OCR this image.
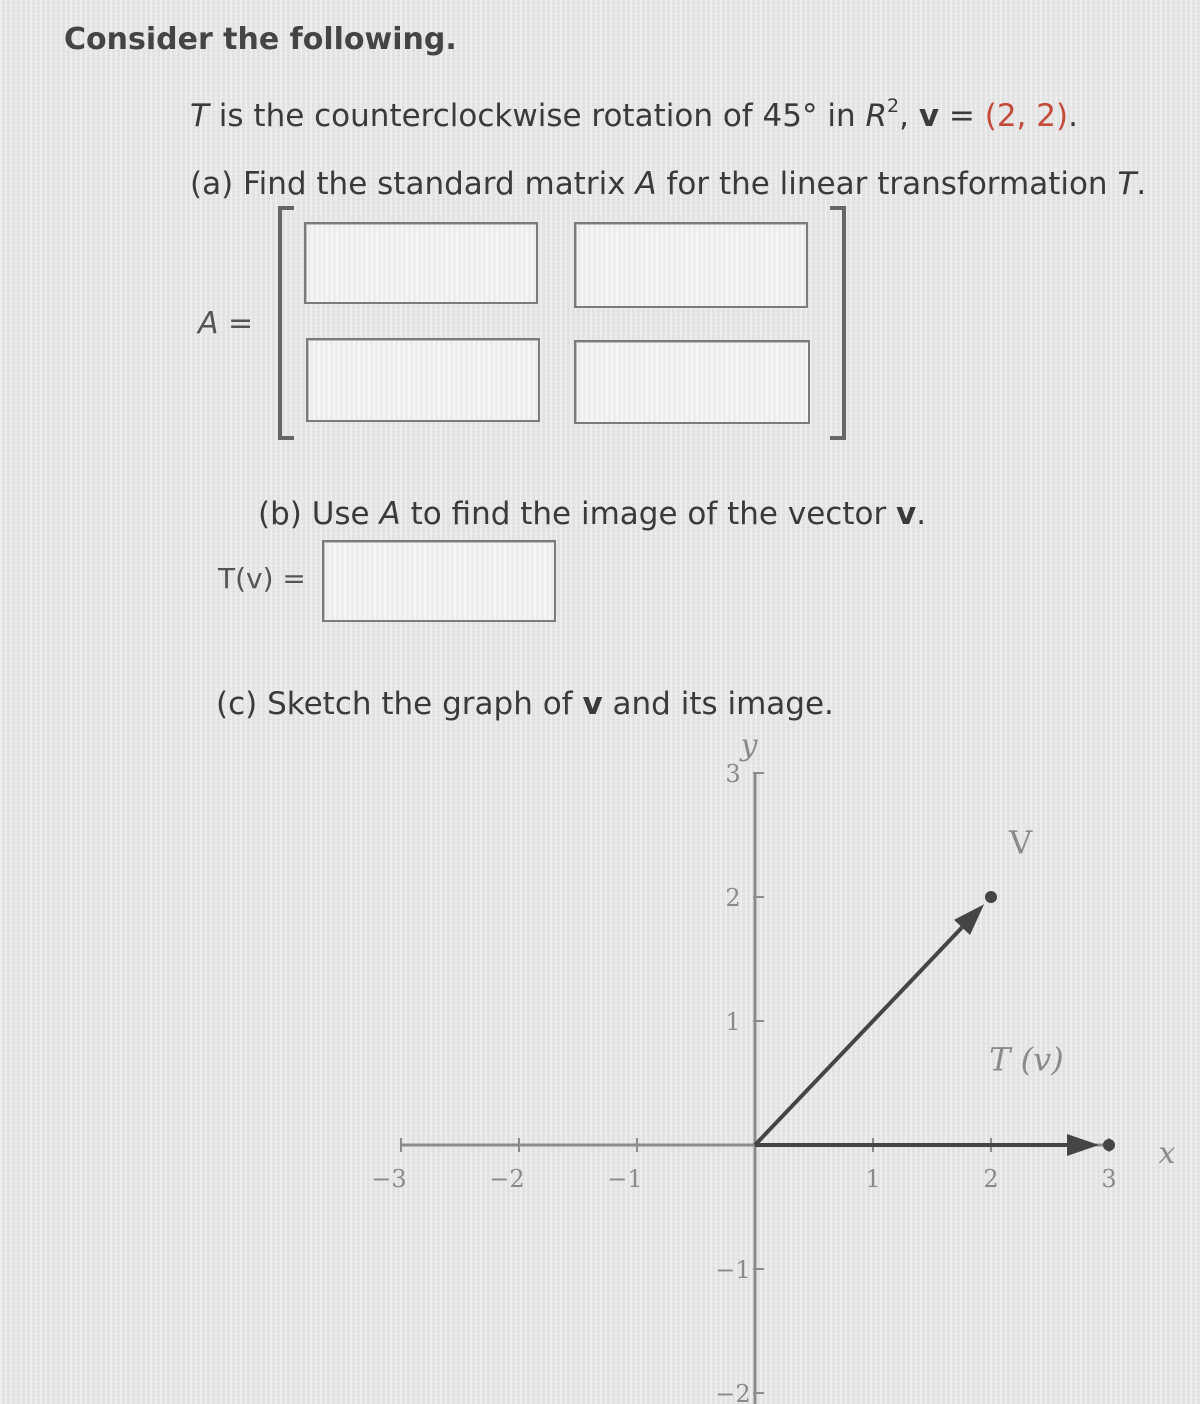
Consider the following.
T is the counterclockwise rotation of 45° in $R^2$, v = (2, 2).
(a) Find the standard matrix A for the linear transformation T.
A =
(b) Use A to find the image of the vector v.
T(v) =
(c) Sketch the graph of v and its image.
−3	−2	−1	1	2	3
3
2
1
−1
−2
y
x
V
T (v)
